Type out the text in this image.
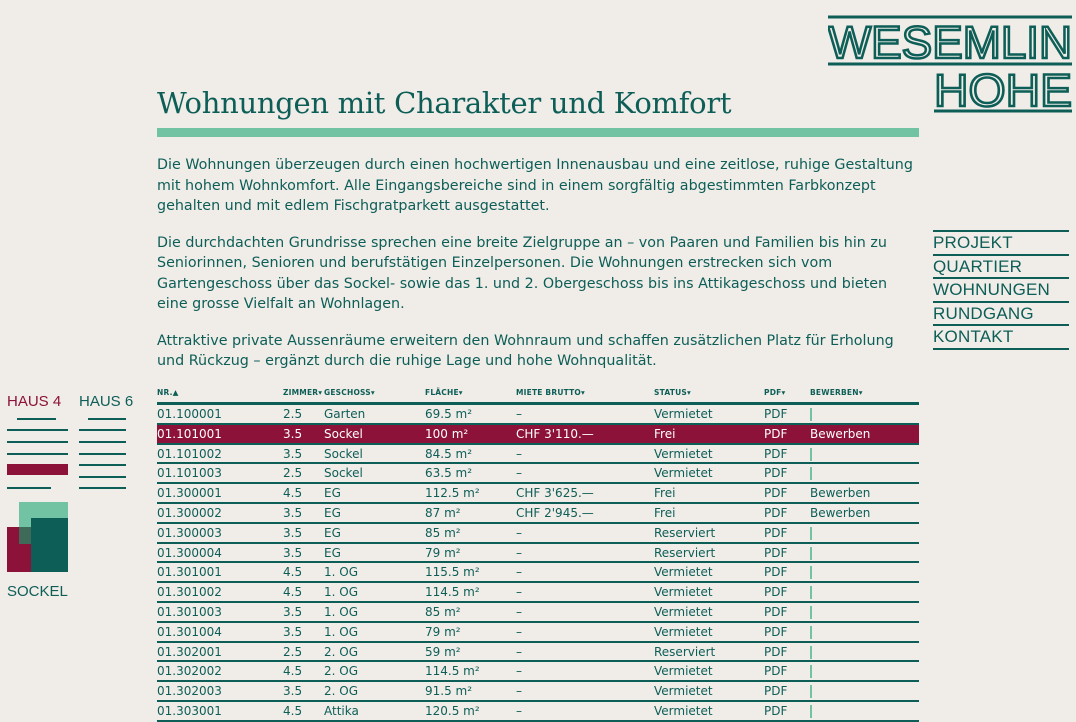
WESEMLIN
HOHE
PROJEKT
QUARTIER
WOHNUNGEN
RUNDGANG
KONTAKT
Wohnungen mit Charakter und Komfort

Die Wohnungen überzeugen durch einen hochwertigen Innenausbau und eine zeitlose, ruhige Gestaltung mit hohem Wohnkomfort. Alle Eingangsbereiche sind in einem sorgfältig abgestimmten Farbkonzept gehalten und mit edlem Fischgratparkett ausgestattet.

Die durchdachten Grundrisse sprechen eine breite Zielgruppe an – von Paaren und Familien bis hin zu Seniorinnen, Senioren und berufstätigen Einzelpersonen. Die Wohnungen erstrecken sich vom Gartengeschoss über das Sockel- sowie das 1. und 2. Obergeschoss bis ins Attikageschoss und bieten eine grosse Vielfalt an Wohnlagen.

Attraktive private Aussenräume erweitern den Wohnraum und schaffen zusätzlichen Platz für Erholung und Rückzug – ergänzt durch die ruhige Lage und hohe Wohnqualität.

HAUS 4 HAUS 6
SOCKEL
NR.▲	ZIMMER▾ GESCHOSS▾	FLÄCHE▾	MIETE BRUTTO▾	STATUS▾	PDF▾	BEWERBEN▾
01.100001	2.5 Garten	69.5 m²	–	Vermietet	PDF
01.101001	3.5 Sockel	100 m²	CHF 3'110.—	Frei	PDF Bewerben
01.101002	3.5 Sockel	84.5 m²	–	Vermietet	PDF
01.101003	2.5 Sockel	63.5 m²	–	Vermietet	PDF
01.300001	4.5 EG	112.5 m²	CHF 3'625.—	Frei	PDF Bewerben
01.300002	3.5 EG	87 m²	CHF 2'945.—	Frei	PDF Bewerben
01.300003	3.5 EG	85 m²	–	Reserviert	PDF
01.300004	3.5 EG	79 m²	–	Reserviert	PDF
01.301001	4.5 1. OG	115.5 m²	–	Vermietet	PDF
01.301002	4.5 1. OG	114.5 m²	–	Vermietet	PDF
01.301003	3.5 1. OG	85 m²	–	Vermietet	PDF
01.301004	3.5 1. OG	79 m²	–	Vermietet	PDF
01.302001	2.5 2. OG	59 m²	–	Reserviert	PDF
01.302002	4.5 2. OG	114.5 m²	–	Vermietet	PDF
01.302003	3.5 2. OG	91.5 m²	–	Vermietet	PDF
01.303001	4.5 Attika	120.5 m²	–	Vermietet	PDF
